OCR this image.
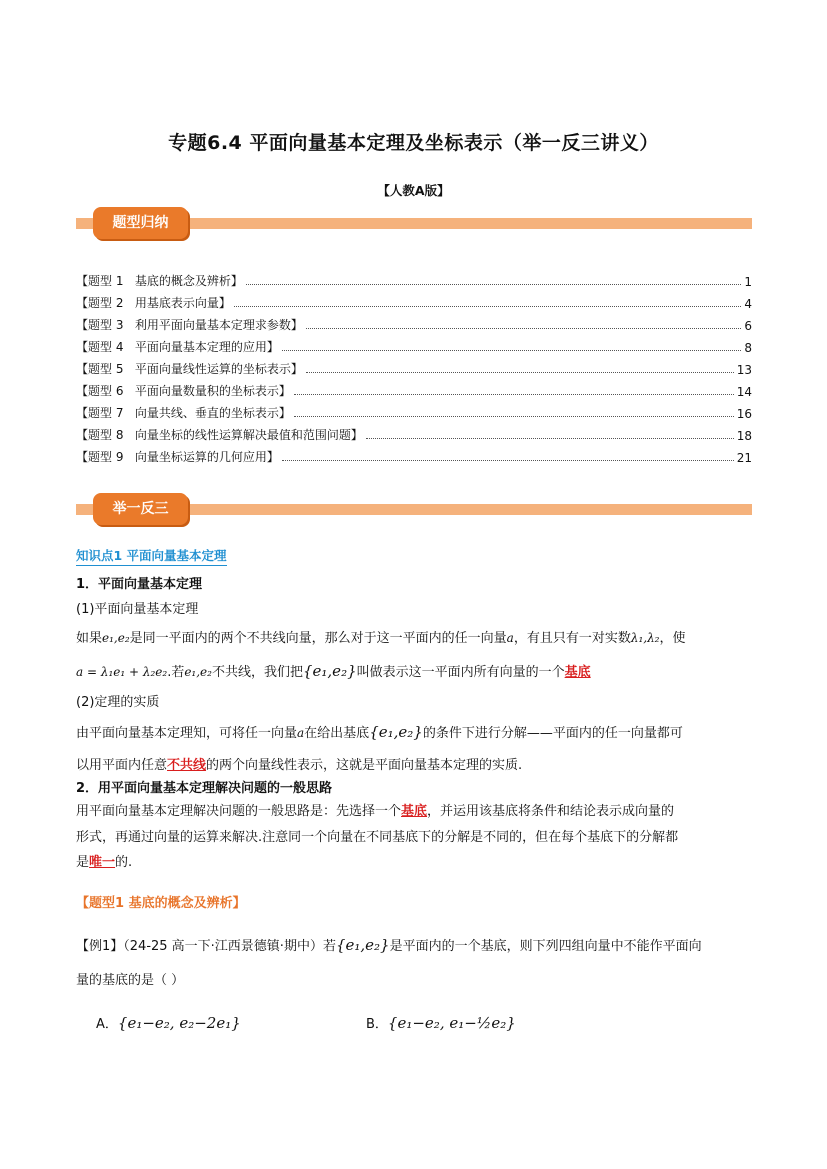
专题6.4 平面向量基本定理及坐标表示（举一反三讲义）
【人教A版】
题型归纳
【题型 1   基底的概念及辨析】	1
【题型 2   用基底表示向量】	4
【题型 3   利用平面向量基本定理求参数】	6
【题型 4   平面向量基本定理的应用】	8
【题型 5   平面向量线性运算的坐标表示】	13
【题型 6   平面向量数量积的坐标表示】	14
【题型 7   向量共线、垂直的坐标表示】	16
【题型 8   向量坐标的线性运算解决最值和范围问题】	18
【题型 9   向量坐标运算的几何应用】	21
举一反三
知识点1 平面向量基本定理
1．平面向量基本定理
(1)平面向量基本定理
如果e₁,e₂是同一平面内的两个不共线向量，那么对于这一平面内的任一向量a，有且只有一对实数λ₁,λ₂，使
a = λ₁e₁ + λ₂e₂.若e₁,e₂不共线，我们把{e₁,e₂}叫做表示这一平面内所有向量的一个基底
(2)定理的实质
由平面向量基本定理知，可将任一向量a在给出基底{e₁,e₂}的条件下进行分解——平面内的任一向量都可
以用平面内任意不共线的两个向量线性表示，这就是平面向量基本定理的实质.
2．用平面向量基本定理解决问题的一般思路
用平面向量基本定理解决问题的一般思路是：先选择一个基底，并运用该基底将条件和结论表示成向量的
形式，再通过向量的运算来解决.注意同一个向量在不同基底下的分解是不同的，但在每个基底下的分解都
是唯一的.
【题型1 基底的概念及辨析】
【例1】（24-25 高一下·江西景德镇·期中）若{e₁,e₂}是平面内的一个基底，则下列四组向量中不能作平面向
量的基底的是（ ）
A．{e₁−e₂, e₂−2e₁}	B．{e₁−e₂, e₁−½e₂}
